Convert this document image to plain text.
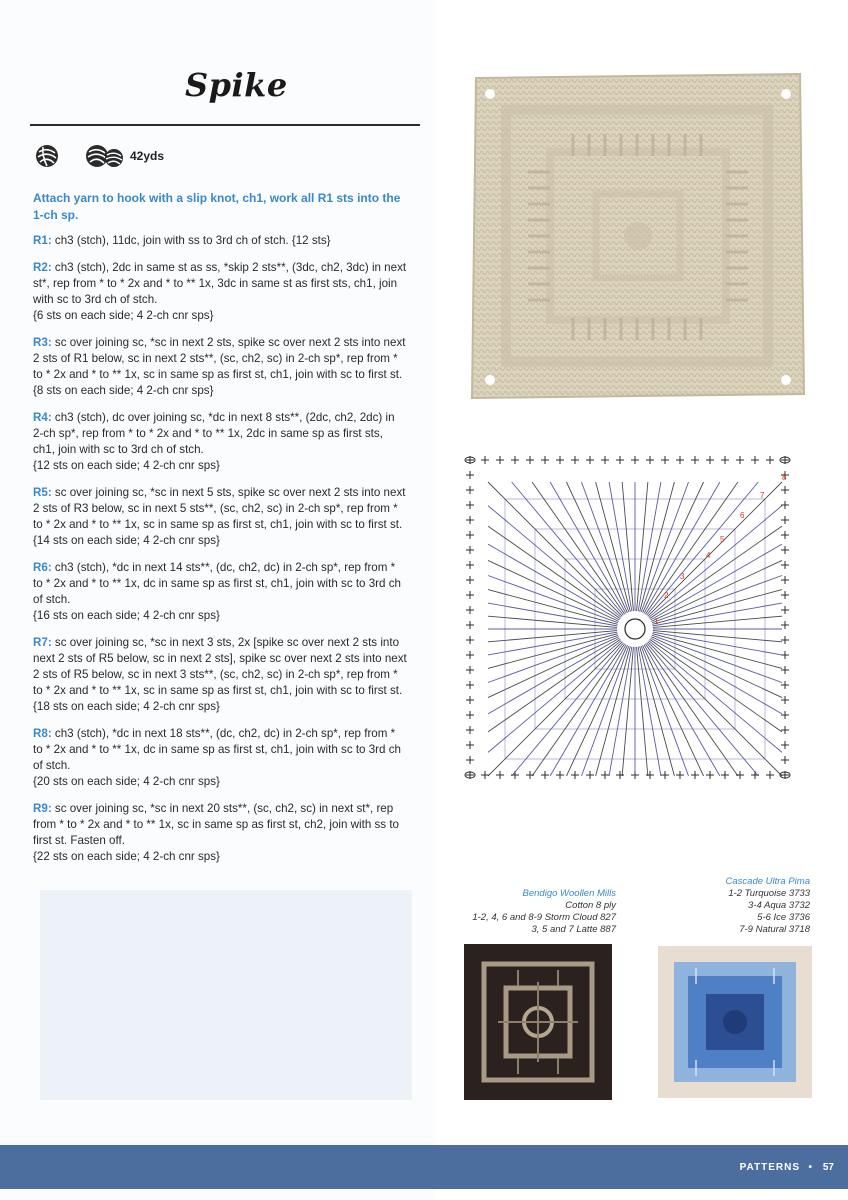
Spike
42yds

Attach yarn to hook with a slip knot, ch1, work all R1 sts into the 1-ch sp.

R1: ch3 (stch), 11dc, join with ss to 3rd ch of stch. {12 sts}

R2: ch3 (stch), 2dc in same st as ss, *skip 2 sts**, (3dc, ch2, 3dc) in next st*, rep from * to * 2x and * to ** 1x, 3dc in same st as first sts, ch1, join with sc to 3rd ch of stch.
{6 sts on each side; 4 2-ch cnr sps}

R3: sc over joining sc, *sc in next 2 sts, spike sc over next 2 sts into next 2 sts of R1 below, sc in next 2 sts**, (sc, ch2, sc) in 2-ch sp*, rep from * to * 2x and * to ** 1x, sc in same sp as first st, ch1, join with sc to first st.
{8 sts on each side; 4 2-ch cnr sps}

R4: ch3 (stch), dc over joining sc, *dc in next 8 sts**, (2dc, ch2, 2dc) in 2-ch sp*, rep from * to * 2x and * to ** 1x, 2dc in same sp as first sts, ch1, join with sc to 3rd ch of stch.
{12 sts on each side; 4 2-ch cnr sps}

R5: sc over joining sc, *sc in next 5 sts, spike sc over next 2 sts into next 2 sts of R3 below, sc in next 5 sts**, (sc, ch2, sc) in 2-ch sp*, rep from * to * 2x and * to ** 1x, sc in same sp as first st, ch1, join with sc to first st.
{14 sts on each side; 4 2-ch cnr sps}

R6: ch3 (stch), *dc in next 14 sts**, (dc, ch2, dc) in 2-ch sp*, rep from * to * 2x and * to ** 1x, dc in same sp as first st, ch1, join with sc to 3rd ch of stch.
{16 sts on each side; 4 2-ch cnr sps}

R7: sc over joining sc, *sc in next 3 sts, 2x [spike sc over next 2 sts into next 2 sts of R5 below, sc in next 2 sts], spike sc over next 2 sts into next 2 sts of R5 below, sc in next 3 sts**, (sc, ch2, sc) in 2-ch sp*, rep from * to * 2x and * to ** 1x, sc in same sp as first st, ch1, join with sc to first st.
{18 sts on each side; 4 2-ch cnr sps}

R8: ch3 (stch), *dc in next 18 sts**, (dc, ch2, dc) in 2-ch sp*, rep from * to * 2x and * to ** 1x, dc in same sp as first st, ch1, join with sc to 3rd ch of stch.
{20 sts on each side; 4 2-ch cnr sps}

R9: sc over joining sc, *sc in next 20 sts**, (sc, ch2, sc) in next st*, rep from * to * 2x and * to ** 1x, sc in same sp as first st, ch2, join with ss to first st. Fasten off.
{22 sts on each side; 4 2-ch cnr sps}

1
2
3
4
5
6
7
8
Bendigo Woollen Mills
Cotton 8 ply
1-2, 4, 6 and 8-9 Storm Cloud 827
3, 5 and 7 Latte 887
Cascade Ultra Pima
1-2 Turquoise 3733
3-4 Aqua 3732
5-6 Ice 3736
7-9 Natural 3718
PATTERNS • 57
